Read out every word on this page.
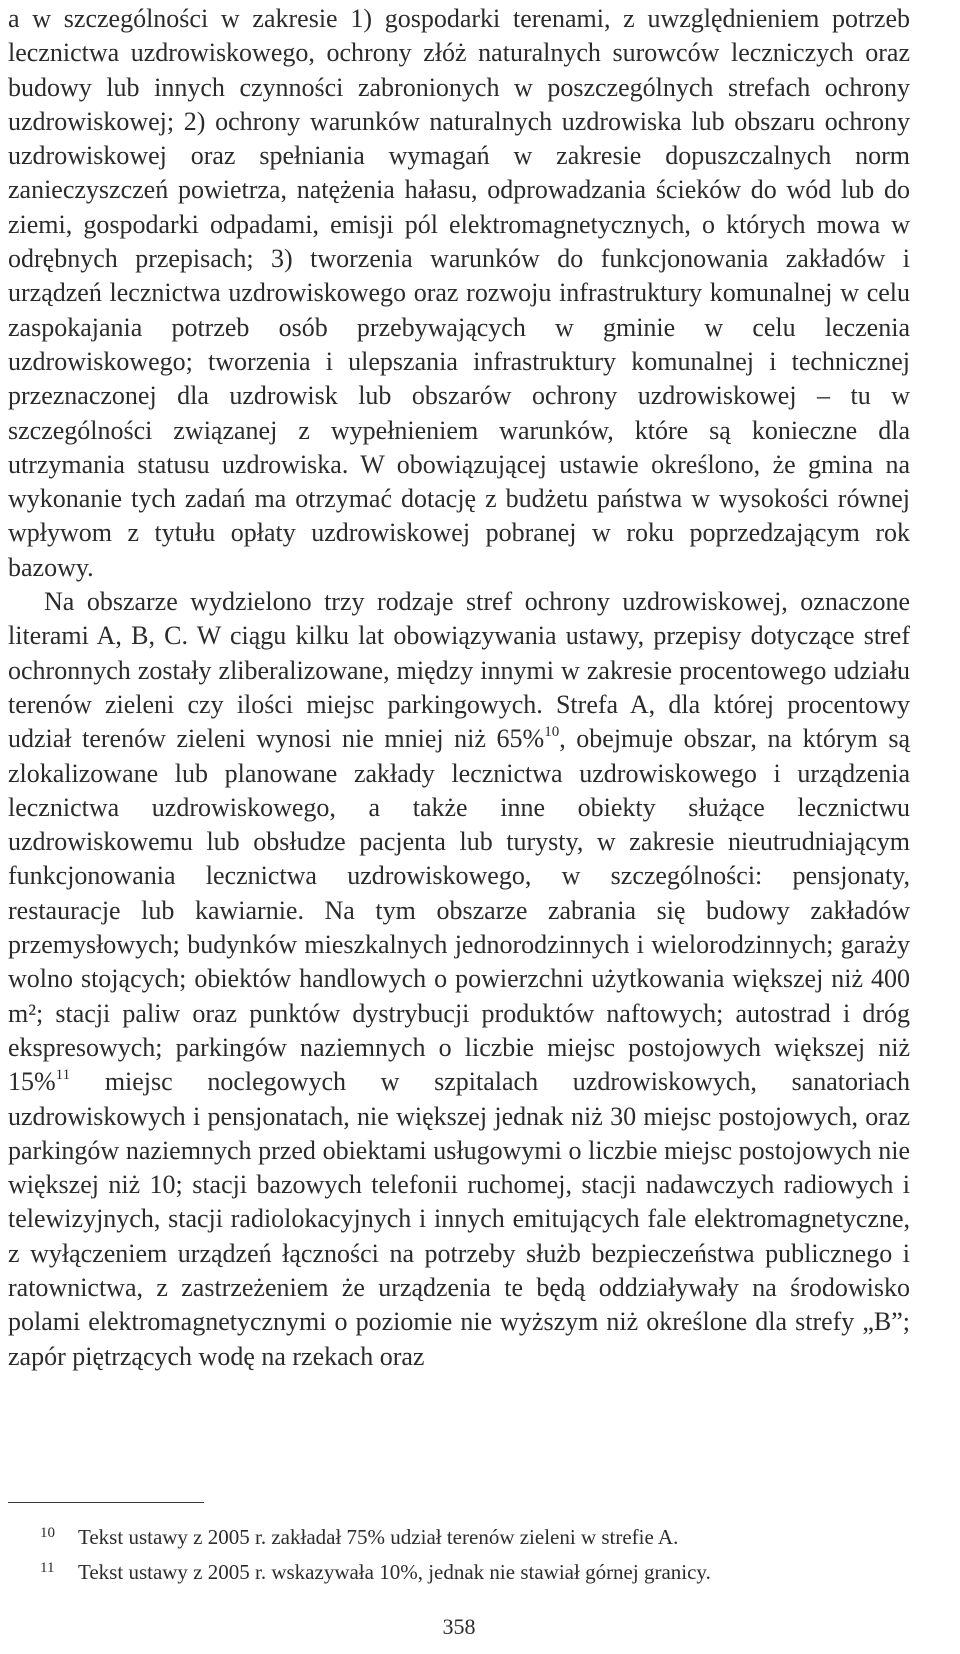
a w szczególności w zakresie 1) gospodarki terenami, z uwzględnieniem potrzeb lecznictwa uzdrowiskowego, ochrony złóż naturalnych surowców leczniczych oraz budowy lub innych czynności zabronionych w poszczególnych strefach ochrony uzdrowiskowej; 2) ochrony warunków naturalnych uzdrowiska lub obszaru ochrony uzdrowiskowej oraz spełniania wymagań w zakresie dopuszczalnych norm zanieczyszczeń powietrza, natężenia hałasu, odprowadzania ścieków do wód lub do ziemi, gospodarki odpadami, emisji pól elektromagnetycznych, o których mowa w odrębnych przepisach; 3) tworzenia warunków do funkcjonowania zakładów i urządzeń lecznictwa uzdrowiskowego oraz rozwoju infrastruktury komunalnej w celu zaspokajania potrzeb osób przebywających w gminie w celu leczenia uzdrowiskowego; tworzenia i ulepszania infrastruktury komunalnej i technicznej przeznaczonej dla uzdrowisk lub obszarów ochrony uzdrowiskowej – tu w szczególności związanej z wypełnieniem warunków, które są konieczne dla utrzymania statusu uzdrowiska. W obowiązującej ustawie określono, że gmina na wykonanie tych zadań ma otrzymać dotację z budżetu państwa w wysokości równej wpływom z tytułu opłaty uzdrowiskowej pobranej w roku poprzedzającym rok bazowy.

Na obszarze wydzielono trzy rodzaje stref ochrony uzdrowiskowej, oznaczone literami A, B, C. W ciągu kilku lat obowiązywania ustawy, przepisy dotyczące stref ochronnych zostały zliberalizowane, między innymi w zakresie procentowego udziału terenów zieleni czy ilości miejsc parkingowych. Strefa A, dla której procentowy udział terenów zieleni wynosi nie mniej niż 65%$^{10}$, obejmuje obszar, na którym są zlokalizowane lub planowane zakłady lecznictwa uzdrowiskowego i urządzenia lecznictwa uzdrowiskowego, a także inne obiekty służące lecznictwu uzdrowiskowemu lub obsłudze pacjenta lub turysty, w zakresie nieutrudniającym funkcjonowania lecznictwa uzdrowiskowego, w szczególności: pensjonaty, restauracje lub kawiarnie. Na tym obszarze zabrania się budowy zakładów przemysłowych; budynków mieszkalnych jednorodzinnych i wielorodzinnych; garaży wolno stojących; obiektów handlowych o powierzchni użytkowania większej niż 400 m²; stacji paliw oraz punktów dystrybucji produktów naftowych; autostrad i dróg ekspresowych; parkingów naziemnych o liczbie miejsc postojowych większej niż 15%$^{11}$ miejsc noclegowych w szpitalach uzdrowiskowych, sanatoriach uzdrowiskowych i pensjonatach, nie większej jednak niż 30 miejsc postojowych, oraz parkingów naziemnych przed obiektami usługowymi o liczbie miejsc postojowych nie większej niż 10; stacji bazowych telefonii ruchomej, stacji nadawczych radiowych i telewizyjnych, stacji radiolokacyjnych i innych emitujących fale elektromagnetyczne, z wyłączeniem urządzeń łączności na potrzeby służb bezpieczeństwa publicznego i ratownictwa, z zastrzeżeniem że urządzenia te będą oddziaływały na środowisko polami elektromagnetycznymi o poziomie nie wyższym niż określone dla strefy „B”; zapór piętrzących wodę na rzekach oraz

10	Tekst ustawy z 2005 r. zakładał 75% udział terenów zieleni w strefie A.
11	Tekst ustawy z 2005 r. wskazywała 10%, jednak nie stawiał górnej granicy.
358
